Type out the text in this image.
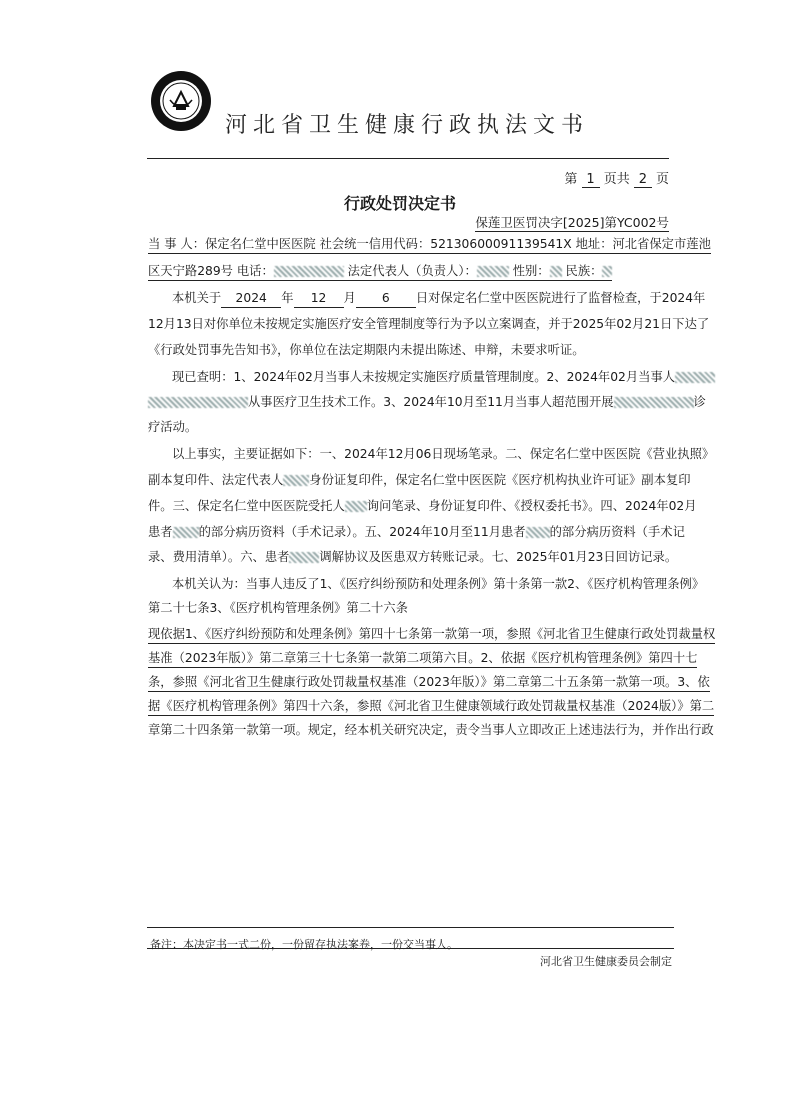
河北省卫生健康行政执法文书
第 1 页共 2 页
行政处罚决定书
保莲卫医罚决字[2025]第YC002号
当 事 人：保定名仁堂中医医院 社会统一信用代码：52130600091139541X 地址：河北省保定市莲池
区天宁路289号 电话：	法定代表人（负责人）：	性别： 民族：
本机关于 2024 年 12 月 6 日对保定名仁堂中医医院进行了监督检查，于2024年
12月13日对你单位未按规定实施医疗安全管理制度等行为予以立案调查，并于2025年02月21日下达了
《行政处罚事先告知书》，你单位在法定期限内未提出陈述、申辩，未要求听证。
现已查明：1、2024年02月当事人未按规定实施医疗质量管理制度。2、2024年02月当事人
从事医疗卫生技术工作。3、2024年10月至11月当事人超范围开展	诊
疗活动。
以上事实，主要证据如下：一、2024年12月06日现场笔录。二、保定名仁堂中医医院《营业执照》
副本复印件、法定代表人 身份证复印件，保定名仁堂中医医院《医疗机构执业许可证》副本复印
件。三、保定名仁堂中医医院受托人 询问笔录、身份证复印件、《授权委托书》。四、2024年02月
患者 的部分病历资料（手术记录）。五、2024年10月至11月患者 的部分病历资料（手术记
录、费用清单）。六、患者 调解协议及医患双方转账记录。七、2025年01月23日回访记录。
本机关认为：当事人违反了1、《医疗纠纷预防和处理条例》第十条第一款2、《医疗机构管理条例》
第二十七条3、《医疗机构管理条例》第二十六条
现依据1、《医疗纠纷预防和处理条例》第四十七条第一款第一项，参照《河北省卫生健康行政处罚裁量权
基准（2023年版）》第二章第三十七条第一款第二项第六目。2、依据《医疗机构管理条例》第四十七
条，参照《河北省卫生健康行政处罚裁量权基准（2023年版）》第二章第二十五条第一款第一项。3、依
据《医疗机构管理条例》第四十六条，参照《河北省卫生健康领域行政处罚裁量权基准（2024版）》第二
章第二十四条第一款第一项。规定，经本机关研究决定，责令当事人立即改正上述违法行为，并作出行政
备注：本决定书一式二份，一份留存执法案卷，一份交当事人。
河北省卫生健康委员会制定
